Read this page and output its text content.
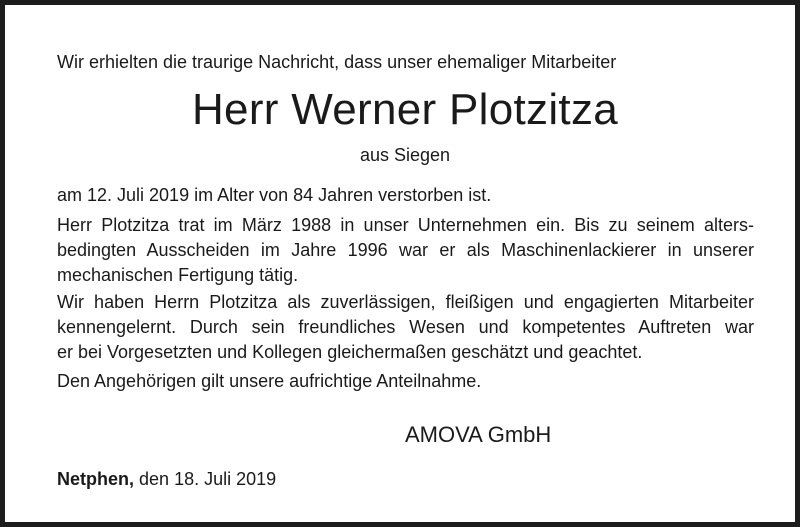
Wir erhielten die traurige Nachricht, dass unser ehemaliger Mitarbeiter
Herr Werner Plotzitza
aus Siegen
am 12. Juli 2019 im Alter von 84 Jahren verstorben ist.
Herr Plotzitza trat im März 1988 in unser Unternehmen ein. Bis zu seinem alters-
bedingten Ausscheiden im Jahre 1996 war er als Maschinenlackierer in unserer
mechanischen Fertigung tätig.
Wir haben Herrn Plotzitza als zuverlässigen, fleißigen und engagierten Mitarbeiter
kennengelernt. Durch sein freundliches Wesen und kompetentes Auftreten war
er bei Vorgesetzten und Kollegen gleichermaßen geschätzt und geachtet.
Den Angehörigen gilt unsere aufrichtige Anteilnahme.
AMOVA GmbH
Netphen, den 18. Juli 2019
